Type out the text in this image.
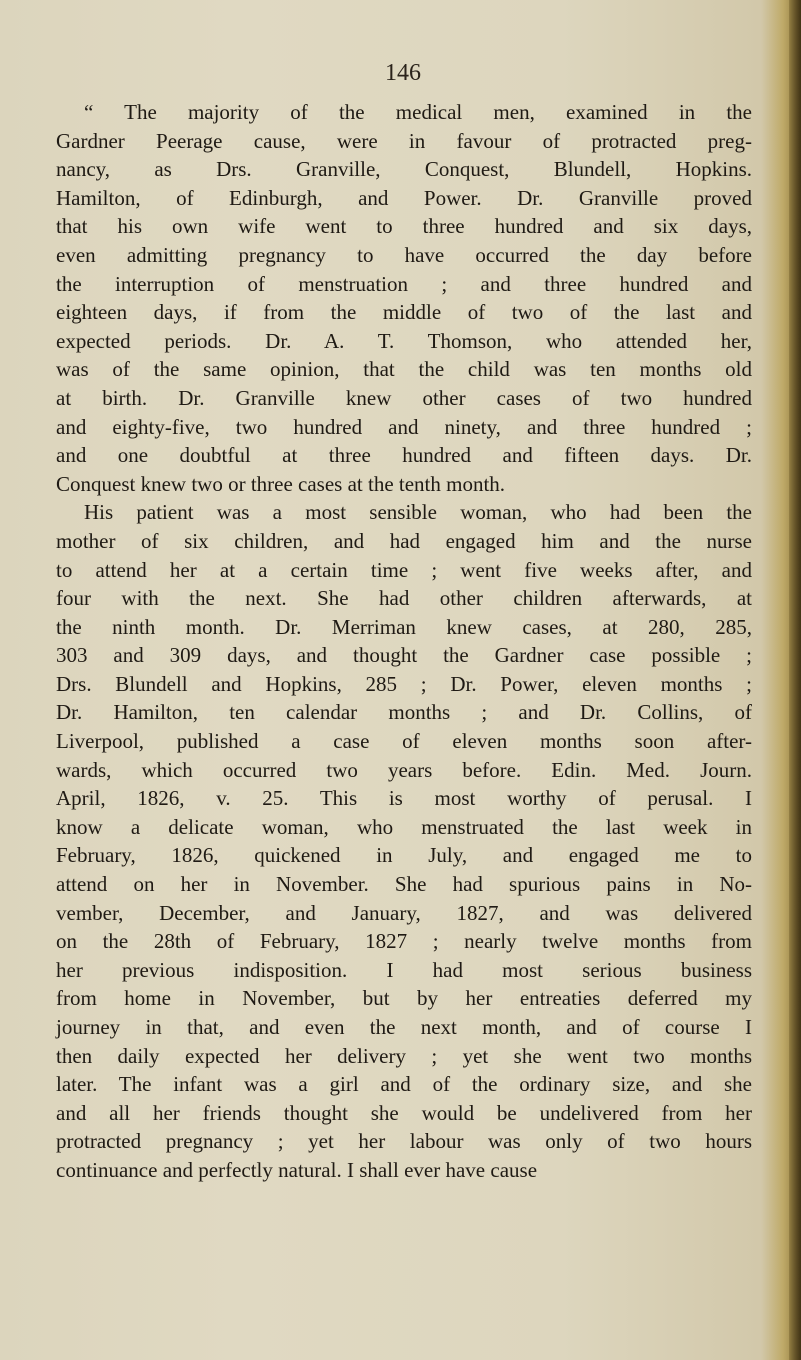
146
“ The majority of the medical men, examined in the
Gardner Peerage cause, were in favour of protracted preg-
nancy, as Drs. Granville, Conquest, Blundell, Hopkins.
Hamilton, of Edinburgh, and Power. Dr. Granville proved
that his own wife went to three hundred and six days,
even admitting pregnancy to have occurred the day before
the interruption of menstruation ; and three hundred and
eighteen days, if from the middle of two of the last and
expected periods. Dr. A. T. Thomson, who attended her,
was of the same opinion, that the child was ten months old
at birth. Dr. Granville knew other cases of two hundred
and eighty-five, two hundred and ninety, and three hundred ;
and one doubtful at three hundred and fifteen days. Dr.
Conquest knew two or three cases at the tenth month.
His patient was a most sensible woman, who had been the
mother of six children, and had engaged him and the nurse
to attend her at a certain time ; went five weeks after, and
four with the next. She had other children afterwards, at
the ninth month. Dr. Merriman knew cases, at 280, 285,
303 and 309 days, and thought the Gardner case possible ;
Drs. Blundell and Hopkins, 285 ; Dr. Power, eleven months ;
Dr. Hamilton, ten calendar months ; and Dr. Collins, of
Liverpool, published a case of eleven months soon after-
wards, which occurred two years before. Edin. Med. Journ.
April, 1826, v. 25. This is most worthy of perusal. I
know a delicate woman, who menstruated the last week in
February, 1826, quickened in July, and engaged me to
attend on her in November. She had spurious pains in No-
vember, December, and January, 1827, and was delivered
on the 28th of February, 1827 ; nearly twelve months from
her previous indisposition. I had most serious business
from home in November, but by her entreaties deferred my
journey in that, and even the next month, and of course I
then daily expected her delivery ; yet she went two months
later. The infant was a girl and of the ordinary size, and she
and all her friends thought she would be undelivered from her
protracted pregnancy ; yet her labour was only of two hours
continuance and perfectly natural. I shall ever have cause
